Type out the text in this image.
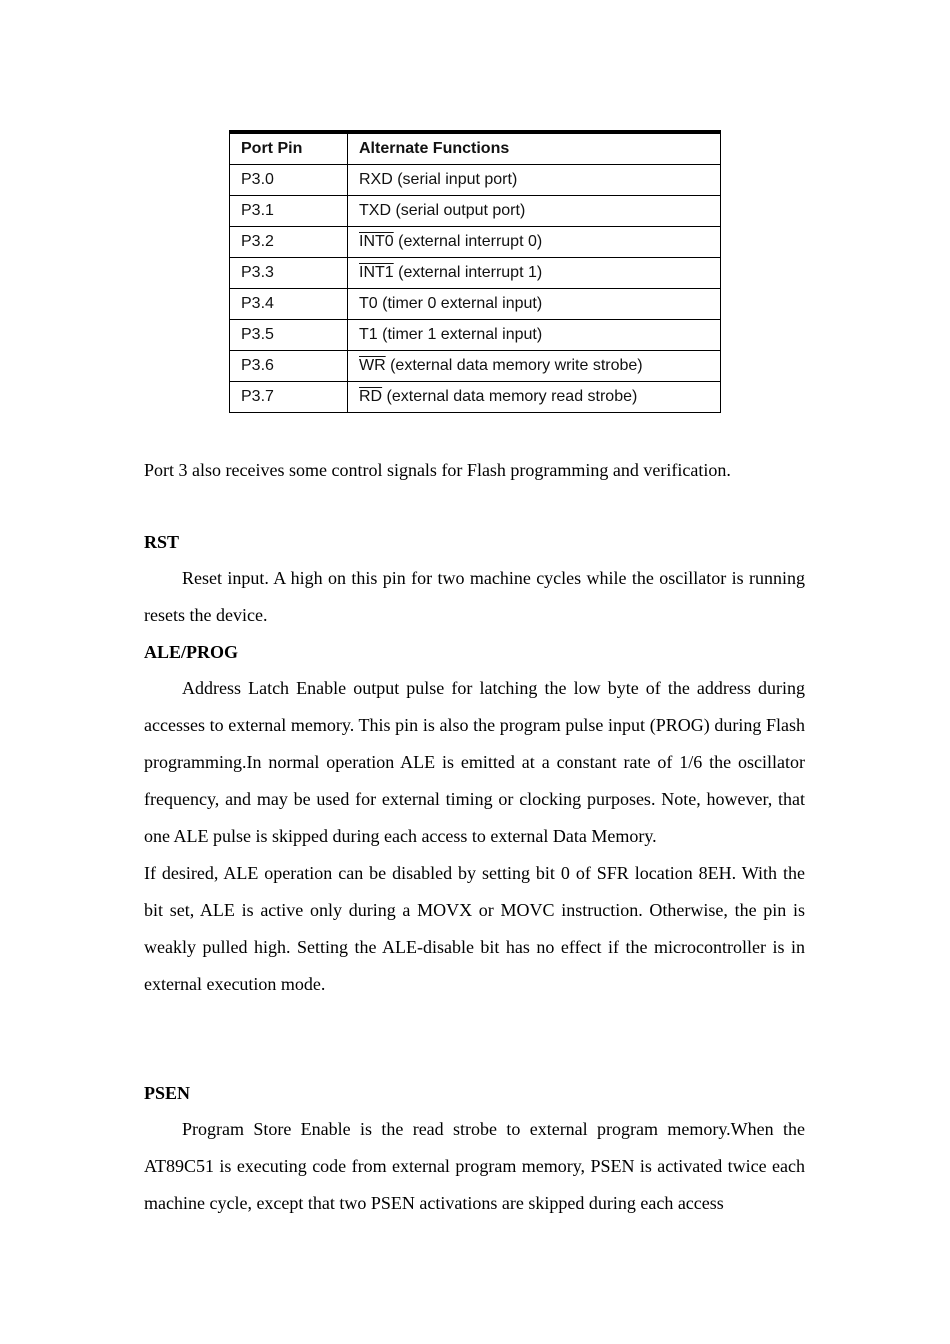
Port Pin	Alternate Functions
P3.0	RXD (serial input port)
P3.1	TXD (serial output port)
P3.2	INT0 (external interrupt 0)
P3.3	INT1 (external interrupt 1)
P3.4	T0 (timer 0 external input)
P3.5	T1 (timer 1 external input)
P3.6	$\overline{WR}$ (external data memory write strobe)
P3.7	$\overline{RD}$ (external data memory read strobe)

Port 3 also receives some control signals for Flash programming and verification.

RST

Reset input. A high on this pin for two machine cycles while the oscillator is running resets the device.

ALE/PROG

Address Latch Enable output pulse for latching the low byte of the address during accesses to external memory. This pin is also the program pulse input (PROG) during Flash programming.In normal operation ALE is emitted at a constant rate of 1/6 the oscillator frequency, and may be used for external timing or clocking purposes. Note, however, that one ALE pulse is skipped during each access to external Data Memory.

If desired, ALE operation can be disabled by setting bit 0 of SFR location 8EH. With the bit set, ALE is active only during a MOVX or MOVC instruction. Otherwise, the pin is weakly pulled high. Setting the ALE-disable bit has no effect if the microcontroller is in external execution mode.

PSEN

Program Store Enable is the read strobe to external program memory.When the AT89C51 is executing code from external program memory, PSEN is activated twice each machine cycle, except that two PSEN activations are skipped during each access
